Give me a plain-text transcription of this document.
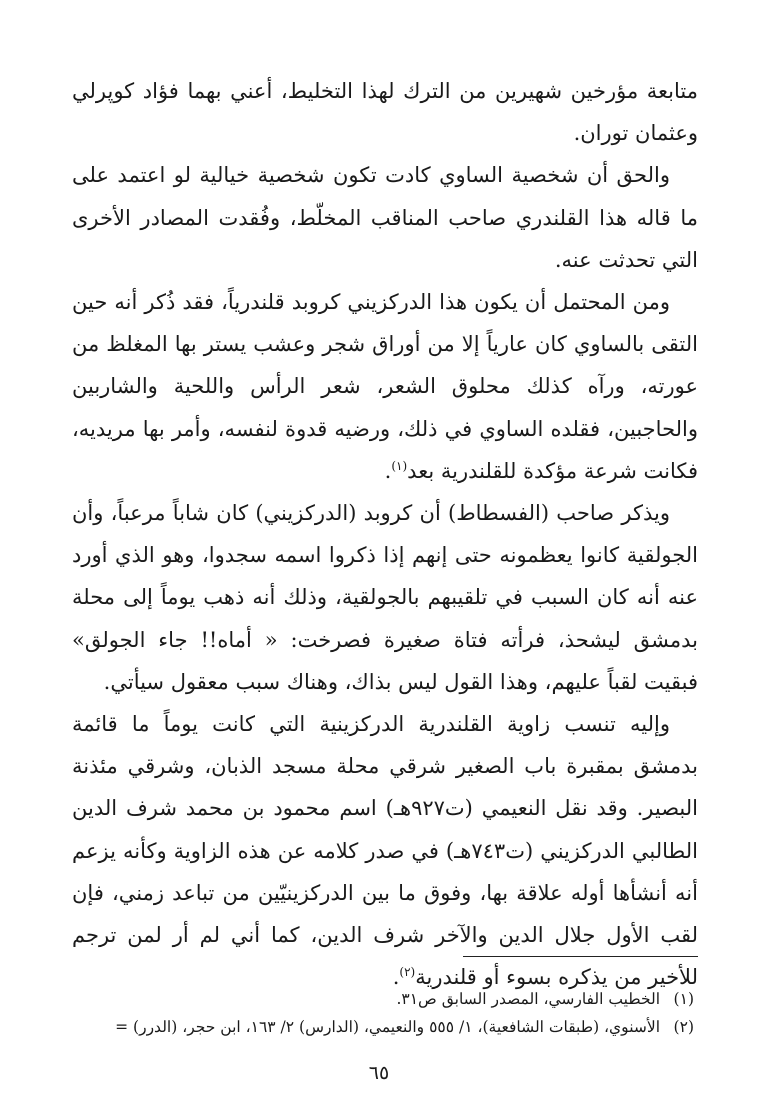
متابعة مؤرخين شهيرين من الترك لهذا التخليط، أعني بهما فؤاد كوپرلي وعثمان توران.

والحق أن شخصية الساوي كادت تكون شخصية خيالية لو اعتمد على ما قاله هذا القلندري صاحب المناقب المخلّط، وفُقدت المصادر الأخرى التي تحدثت عنه.

ومن المحتمل أن يكون هذا الدركزيني كروبد قلندرياً، فقد ذُكر أنه حين التقى بالساوي كان عارياً إلا من أوراق شجر وعشب يستر بها المغلظ من عورته، ورآه كذلك محلوق الشعر، شعر الرأس واللحية والشاربين والحاجبين، فقلده الساوي في ذلك، ورضيه قدوة لنفسه، وأمر بها مريديه، فكانت شرعة مؤكدة للقلندرية بعد$^{(١)}$.

ويذكر صاحب (الفسطاط) أن كروبد (الدركزيني) كان شاباً مرعباً، وأن الجولقية كانوا يعظمونه حتى إنهم إذا ذكروا اسمه سجدوا، وهو الذي أورد عنه أنه كان السبب في تلقيبهم بالجولقية، وذلك أنه ذهب يوماً إلى محلة بدمشق ليشحذ، فرأته فتاة صغيرة فصرخت: « أماه!! جاء الجولق» فبقيت لقباً عليهم، وهذا القول ليس بذاك، وهناك سبب معقول سيأتي.

وإليه تنسب زاوية القلندرية الدركزينية التي كانت يوماً ما قائمة بدمشق بمقبرة باب الصغير شرقي محلة مسجد الذبان، وشرقي مئذنة البصير. وقد نقل النعيمي (ت٩٢٧هـ) اسم محمود بن محمد شرف الدين الطالبي الدركزيني (ت٧٤٣هـ) في صدر كلامه عن هذه الزاوية وكأنه يزعم أنه أنشأها أوله علاقة بها، وفوق ما بين الدركزينيّين من تباعد زمني، فإن لقب الأول جلال الدين والآخر شرف الدين، كما أني لم أر لمن ترجم للأخير من يذكره بسوء أو قلندرية$^{(٢)}$.

(١)
الخطيب الفارسي، المصدر السابق ص٣١.
(٢)
الأسنوي، (طبقات الشافعية)، ١/ ٥٥٥ والنعيمي، (الدارس) ٢/ ١٦٣، ابن حجر، (الدرر) =
٦٥
